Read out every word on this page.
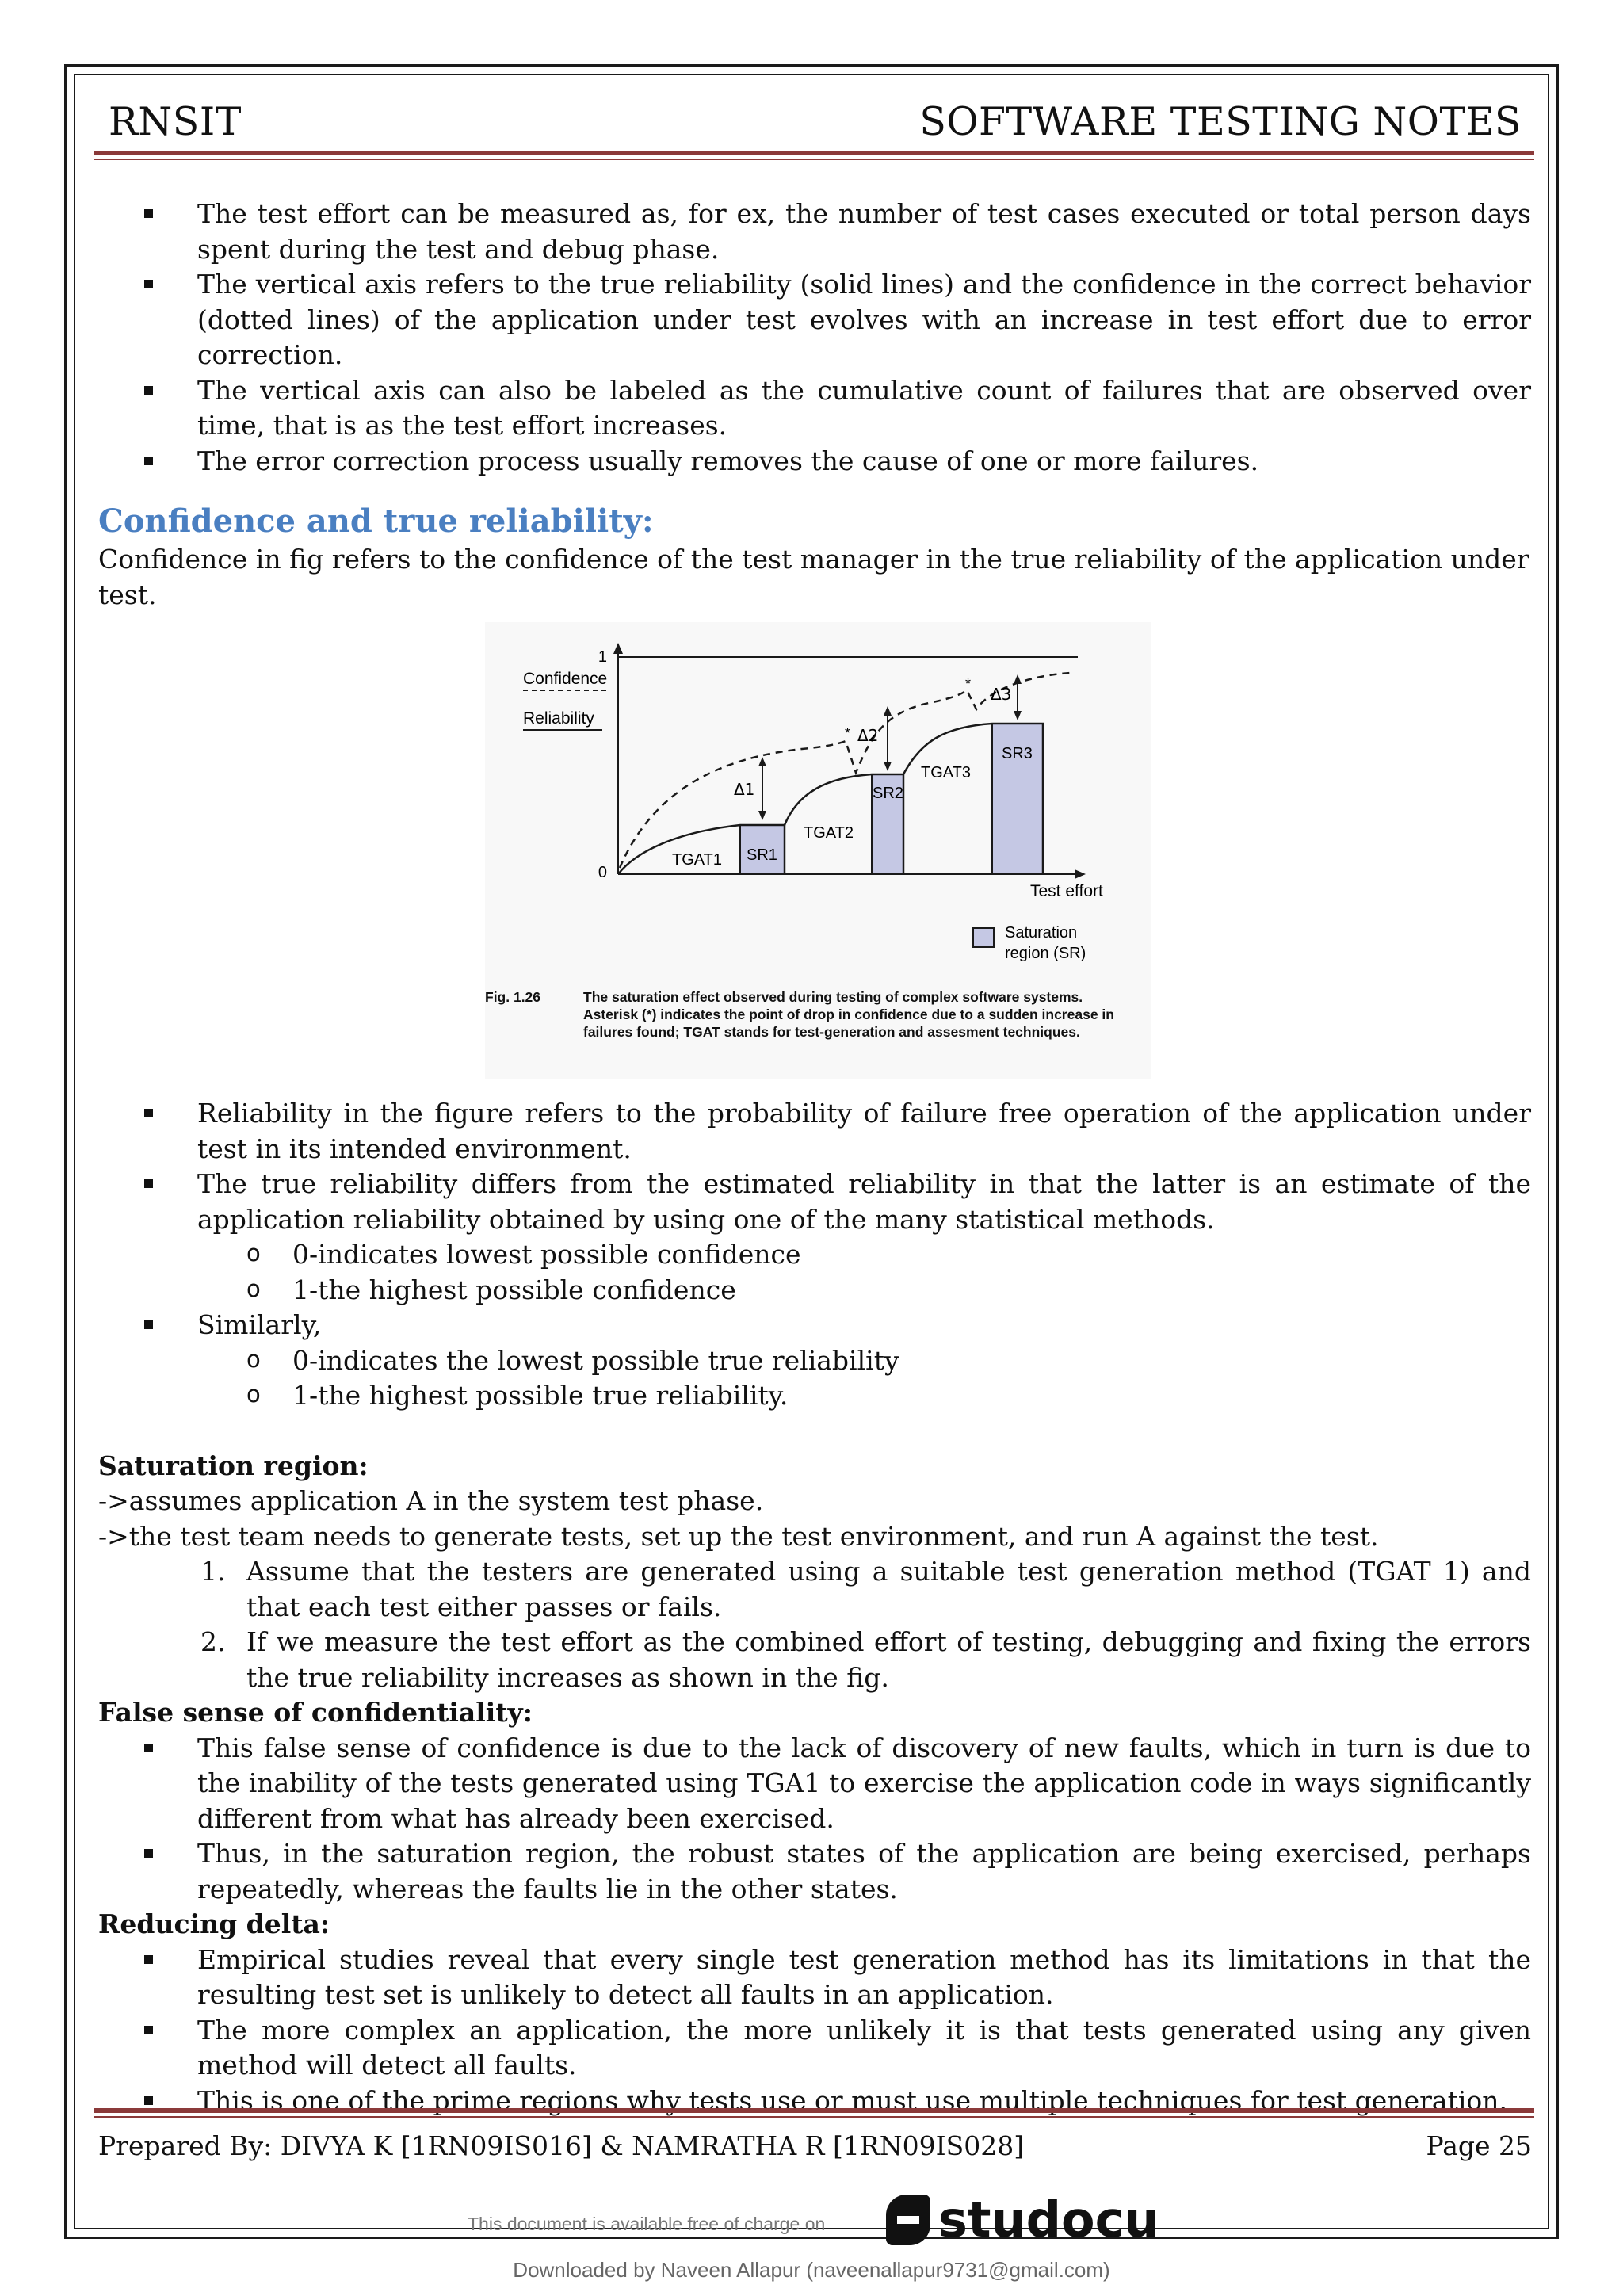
RNSIT	SOFTWARE TESTING NOTES
The test effort can be measured as, for ex, the number of test cases executed or total person days spent during the test and debug phase.
The vertical axis refers to the true reliability (solid lines) and the confidence in the correct behavior (dotted lines) of the application under test evolves with an increase in test effort due to error correction.
The vertical axis can also be labeled as the cumulative count of failures that are observed over time, that is as the test effort increases.
The error correction process usually removes the cause of one or more failures.
Confidence and true reliability:

Confidence in fig refers to the confidence of the test manager in the true reliability of the application under test.

1
0
Confidence
Reliability
*
*
Δ1
Δ2
Δ3
TGAT1 SR1
TGAT2
SR2
TGAT3
SR3
Test effort
Saturation
region (SR)
Fig. 1.26	The saturation effect observed during testing of complex software systems. Asterisk (*) indicates the point of drop in confidence due to a sudden increase in failures found; TGAT stands for test-generation and assesment techniques.
Reliability in the figure refers to the probability of failure free operation of the application under test in its intended environment.
The true reliability differs from the estimated reliability in that the latter is an estimate of the application reliability obtained by using one of the many statistical methods.
o 0-indicates lowest possible confidence
o 1-the highest possible confidence
Similarly,
o 0-indicates the lowest possible true reliability
o 1-the highest possible true reliability.

Saturation region:

->assumes application A in the system test phase.

->the test team needs to generate tests, set up the test environment, and run A against the test.

1. Assume that the testers are generated using a suitable test generation method (TGAT 1) and that each test either passes or fails.
2. If we measure the test effort as the combined effort of testing, debugging and fixing the errors the true reliability increases as shown in the fig.

False sense of confidentiality:

This false sense of confidence is due to the lack of discovery of new faults, which in turn is due to the inability of the tests generated using TGA1 to exercise the application code in ways significantly different from what has already been exercised.
Thus, in the saturation region, the robust states of the application are being exercised, perhaps repeatedly, whereas the faults lie in the other states.

Reducing delta:

Empirical studies reveal that every single test generation method has its limitations in that the resulting test set is unlikely to detect all faults in an application.
The more complex an application, the more unlikely it is that tests generated using any given method will detect all faults.
This is one of the prime regions why tests use or must use multiple techniques for test generation.
Prepared By: DIVYA K [1RN09IS016] & NAMRATHA R [1RN09IS028]	Page 25
This document is available free of charge on studocu
Downloaded by Naveen Allapur (naveenallapur9731@gmail.com)
